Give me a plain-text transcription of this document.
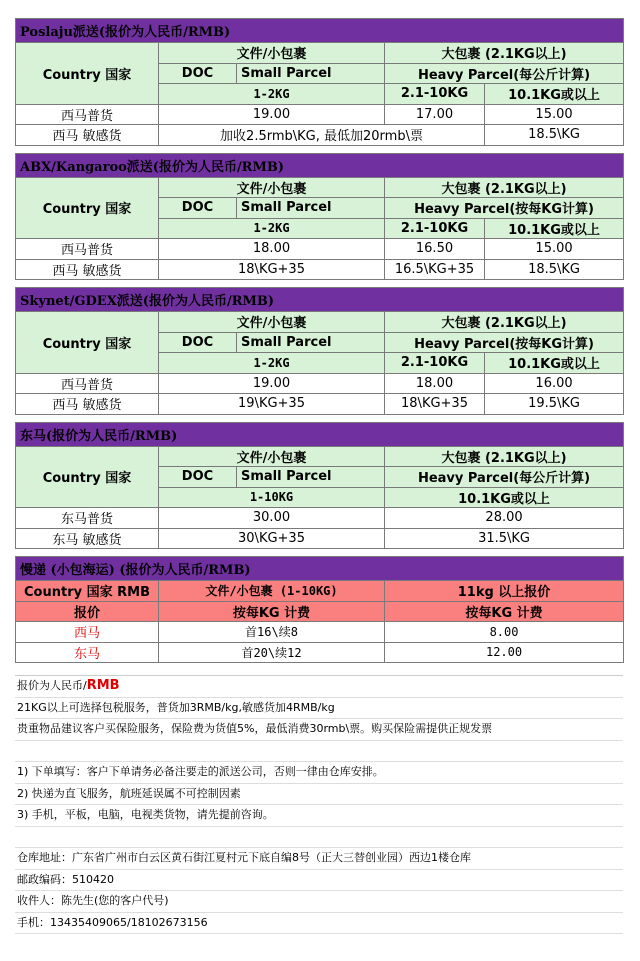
Poslaju派送(报价为人民币/RMB)				
Country 国家	文件/小包裹		大包裹 (2.1KG以上)	
	DOC	Small Parcel	Heavy Parcel(每公斤计算)	
	1-2KG		2.1-10KG	10.1KG或以上
西马普货	19.00		17.00	15.00
西马 敏感货	加收2.5rmb\KG, 最低加20rmb\票			18.5\KG

ABX/Kangaroo派送(报价为人民币/RMB)				
Country 国家	文件/小包裹		大包裹 (2.1KG以上)	
	DOC	Small Parcel	Heavy Parcel(按每KG计算)	
	1-2KG		2.1-10KG	10.1KG或以上
西马普货	18.00		16.50	15.00
西马 敏感货	18\KG+35		16.5\KG+35	18.5\KG

Skynet/GDEX派送(报价为人民币/RMB)				
Country 国家	文件/小包裹		大包裹 (2.1KG以上)	
	DOC	Small Parcel	Heavy Parcel(按每KG计算)	
	1-2KG		2.1-10KG	10.1KG或以上
西马普货	19.00		18.00	16.00
西马 敏感货	19\KG+35		18\KG+35	19.5\KG

东马(报价为人民币/RMB)				
Country 国家	文件/小包裹		大包裹 (2.1KG以上)	
	DOC	Small Parcel	Heavy Parcel(每公斤计算)	
	1-10KG		10.1KG或以上	
东马普货	30.00		28.00	
东马 敏感货	30\KG+35		31.5\KG	

慢递 (小包海运) (报价为人民币/RMB)				
Country 国家 RMB	文件/小包裹 (1-10KG)		11kg 以上报价	
报价	按每KG 计费		按每KG 计费	
西马	首16\续8		8.00	
东马	首20\续12		12.00	
报价为人民币/RMB
21KG以上可选择包税服务，普货加3RMB/kg,敏感货加4RMB/kg
贵重物品建议客户买保险服务，保险费为货值5%，最低消费30rmb\票。购买保险需提供正规发票
1) 下单填写：客户下单请务必备注要走的派送公司，否则一律由仓库安排。
2) 快递为直飞服务，航班延误属不可控制因素
3) 手机，平板，电脑，电视类货物，请先提前咨询。
仓库地址：广东省广州市白云区黄石街江夏村元下底自编8号（正大三替创业园）西边1楼仓库
邮政编码：510420
收件人：陈先生(您的客户代号)
手机：13435409065/18102673156
